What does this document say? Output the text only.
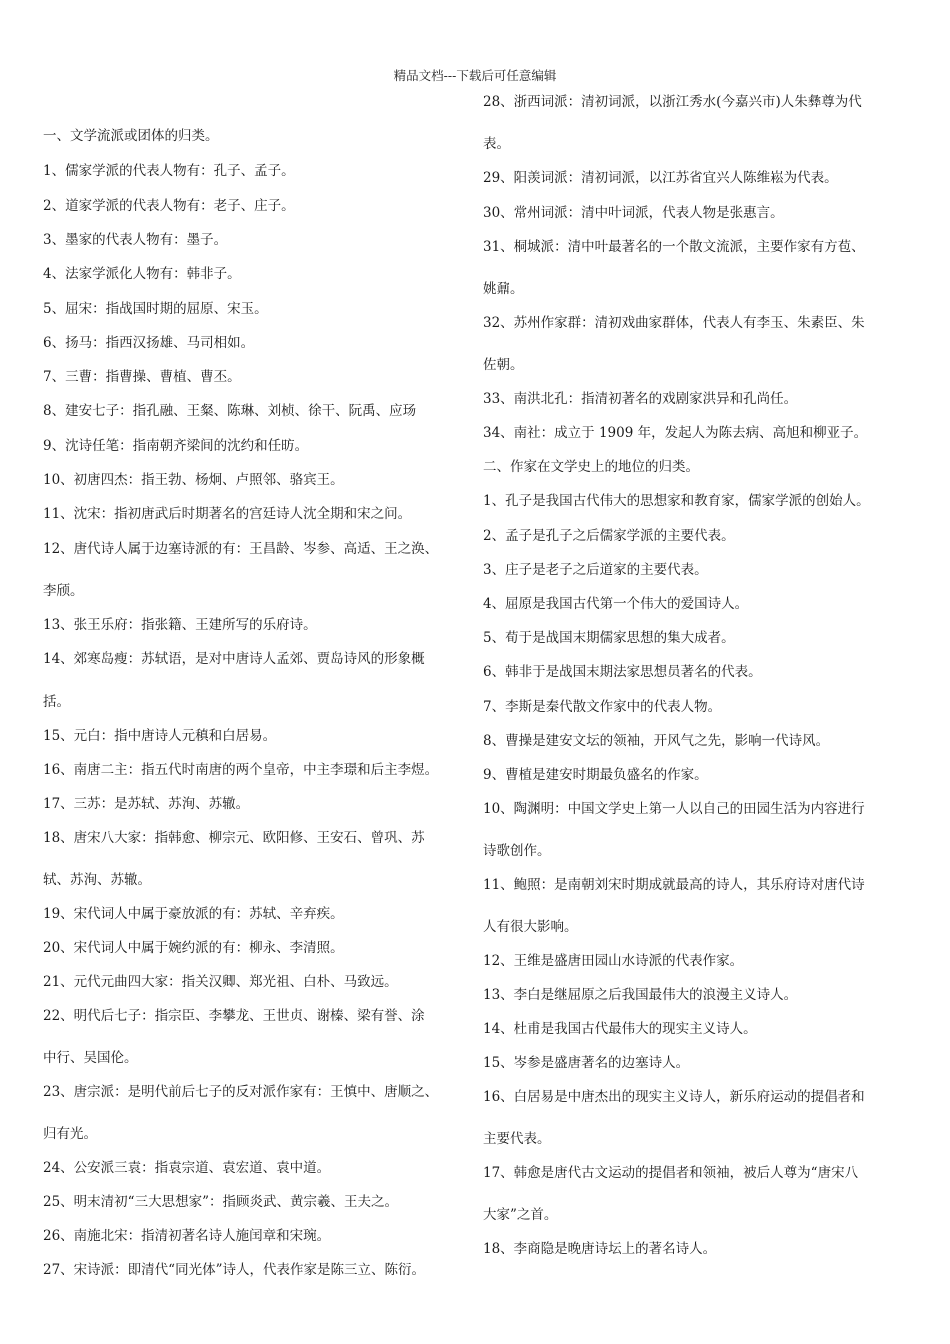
精品文档---下载后可任意编辑
一、文学流派或团体的归类。
1、儒家学派的代表人物有：孔子、孟子。
2、道家学派的代表人物有：老子、庄子。
3、墨家的代表人物有：墨子。
4、法家学派化人物有：韩非子。
5、屈宋：指战国时期的屈原、宋玉。
6、扬马：指西汉扬雄、马司相如。
7、三曹：指曹操、曹植、曹丕。
8、建安七子：指孔融、王粲、陈琳、刘桢、徐干、阮禹、应玚
9、沈诗任笔：指南朝齐梁间的沈约和任昉。
10、初唐四杰：指王勃、杨炯、卢照邻、骆宾王。
11、沈宋：指初唐武后时期著名的宫廷诗人沈全期和宋之问。
12、唐代诗人属于边塞诗派的有：王昌龄、岑参、高适、王之涣、
李颀。
13、张王乐府：指张籍、王建所写的乐府诗。
14、郊寒岛瘦：苏轼语，是对中唐诗人孟郊、贾岛诗风的形象概
括。
15、元白：指中唐诗人元稹和白居易。
16、南唐二主：指五代时南唐的两个皇帝，中主李璟和后主李煜。
17、三苏：是苏轼、苏洵、苏辙。
18、唐宋八大家：指韩愈、柳宗元、欧阳修、王安石、曾巩、苏
轼、苏洵、苏辙。
19、宋代词人中属于豪放派的有：苏轼、辛弃疾。
20、宋代词人中属于婉约派的有：柳永、李清照。
21、元代元曲四大家：指关汉卿、郑光祖、白朴、马致远。
22、明代后七子：指宗臣、李攀龙、王世贞、谢榛、梁有誉、涂
中行、吴国伦。
23、唐宗派：是明代前后七子的反对派作家有：王慎中、唐顺之、
归有光。
24、公安派三袁：指袁宗道、袁宏道、袁中道。
25、明末清初“三大思想家”：指顾炎武、黄宗羲、王夫之。
26、南施北宋：指清初著名诗人施闰章和宋琬。
27、宋诗派：即清代“同光体”诗人，代表作家是陈三立、陈衍。
28、浙西词派：清初词派，以浙江秀水(今嘉兴市)人朱彝尊为代
表。
29、阳羡词派：清初词派，以江苏省宜兴人陈维崧为代表。
30、常州词派：清中叶词派，代表人物是张惠言。
31、桐城派：清中叶最著名的一个散文流派，主要作家有方苞、
姚鼐。
32、苏州作家群：清初戏曲家群体，代表人有李玉、朱素臣、朱
佐朝。
33、南洪北孔：指清初著名的戏剧家洪异和孔尚任。
34、南社：成立于 1909 年，发起人为陈去病、高旭和柳亚子。
二、作家在文学史上的地位的归类。
1、孔子是我国古代伟大的思想家和教育家，儒家学派的创始人。
2、孟子是孔子之后儒家学派的主要代表。
3、庄子是老子之后道家的主要代表。
4、屈原是我国古代第一个伟大的爱国诗人。
5、荀于是战国末期儒家思想的集大成者。
6、韩非于是战国末期法家思想员著名的代表。
7、李斯是秦代散文作家中的代表人物。
8、曹操是建安文坛的领袖，开风气之先，影响一代诗风。
9、曹植是建安时期最负盛名的作家。
10、陶渊明：中国文学史上第一人以自己的田园生活为内容进行
诗歌创作。
11、鲍照：是南朝刘宋时期成就最高的诗人，其乐府诗对唐代诗
人有很大影响。
12、王维是盛唐田园山水诗派的代表作家。
13、李白是继屈原之后我国最伟大的浪漫主义诗人。
14、杜甫是我国古代最伟大的现实主义诗人。
15、岑参是盛唐著名的边塞诗人。
16、白居易是中唐杰出的现实主义诗人，新乐府运动的提倡者和
主要代表。
17、韩愈是唐代古文运动的提倡者和领袖，被后人尊为“唐宋八
大家”之首。
18、李商隐是晚唐诗坛上的著名诗人。
